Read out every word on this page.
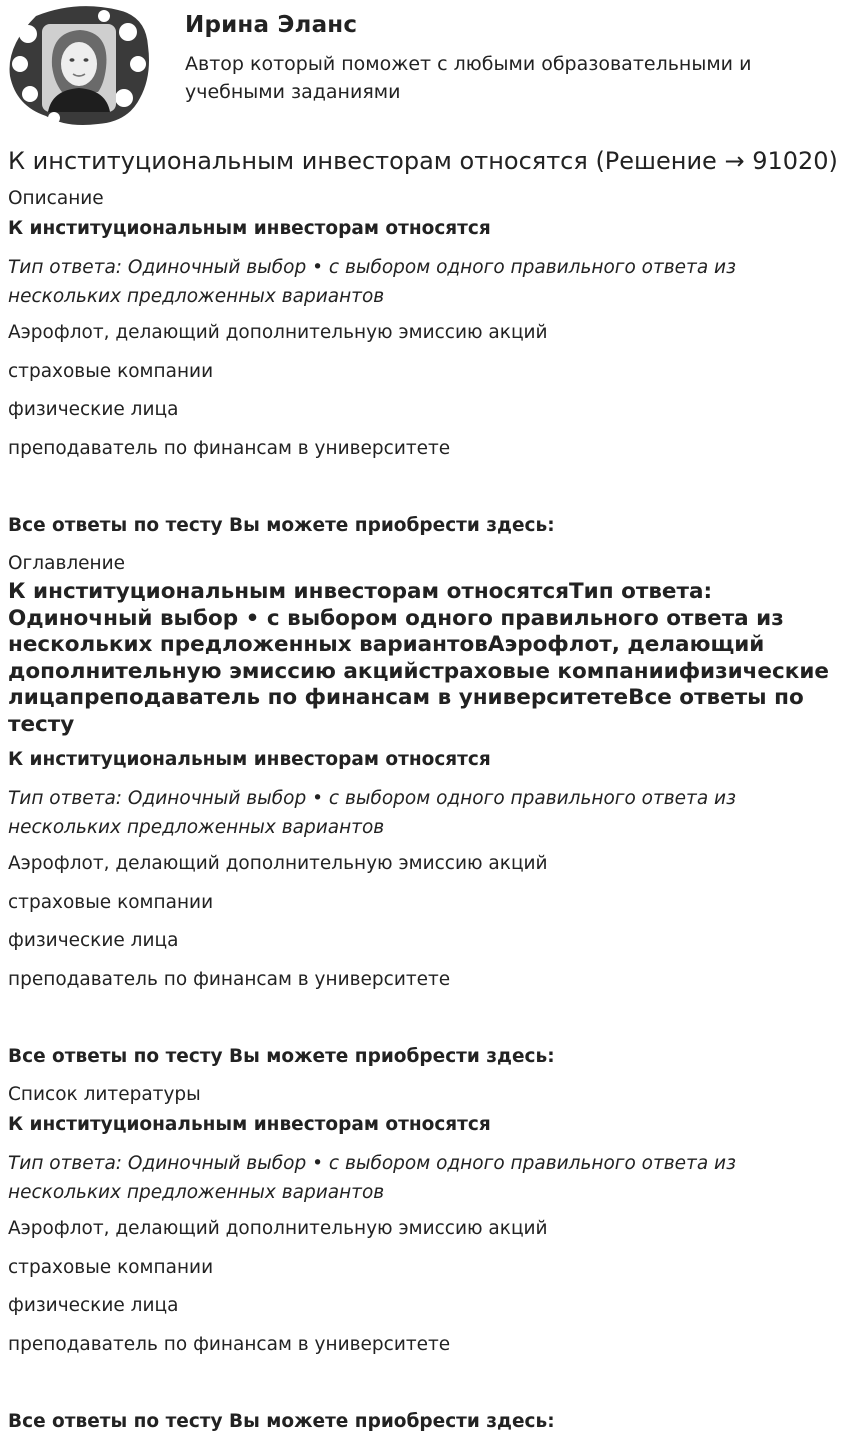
Ирина Эланс
Автор который поможет с любыми образовательными и учебными заданиями
К институциональным инвесторам относятся (Решение → 91020)
Описание
К институциональным инвесторам относятся
Тип ответа: Одиночный выбор • с выбором одного правильного ответа из нескольких предложенных вариантов
Аэрофлот, делающий дополнительную эмиссию акций
страховые компании
физические лица
преподаватель по финансам в университете
Все ответы по тесту Вы можете приобрести здесь:
Оглавление
К институциональным инвесторам относятсяТип ответа: Одиночный выбор • с выбором одного правильного ответа из нескольких предложенных вариантовАэрофлот, делающий дополнительную эмиссию акцийстраховые компаниифизические лицапреподаватель по финансам в университетеВсе ответы по тесту
К институциональным инвесторам относятся
Тип ответа: Одиночный выбор • с выбором одного правильного ответа из нескольких предложенных вариантов
Аэрофлот, делающий дополнительную эмиссию акций
страховые компании
физические лица
преподаватель по финансам в университете
Все ответы по тесту Вы можете приобрести здесь:
Список литературы
К институциональным инвесторам относятся
Тип ответа: Одиночный выбор • с выбором одного правильного ответа из нескольких предложенных вариантов
Аэрофлот, делающий дополнительную эмиссию акций
страховые компании
физические лица
преподаватель по финансам в университете
Все ответы по тесту Вы можете приобрести здесь:
